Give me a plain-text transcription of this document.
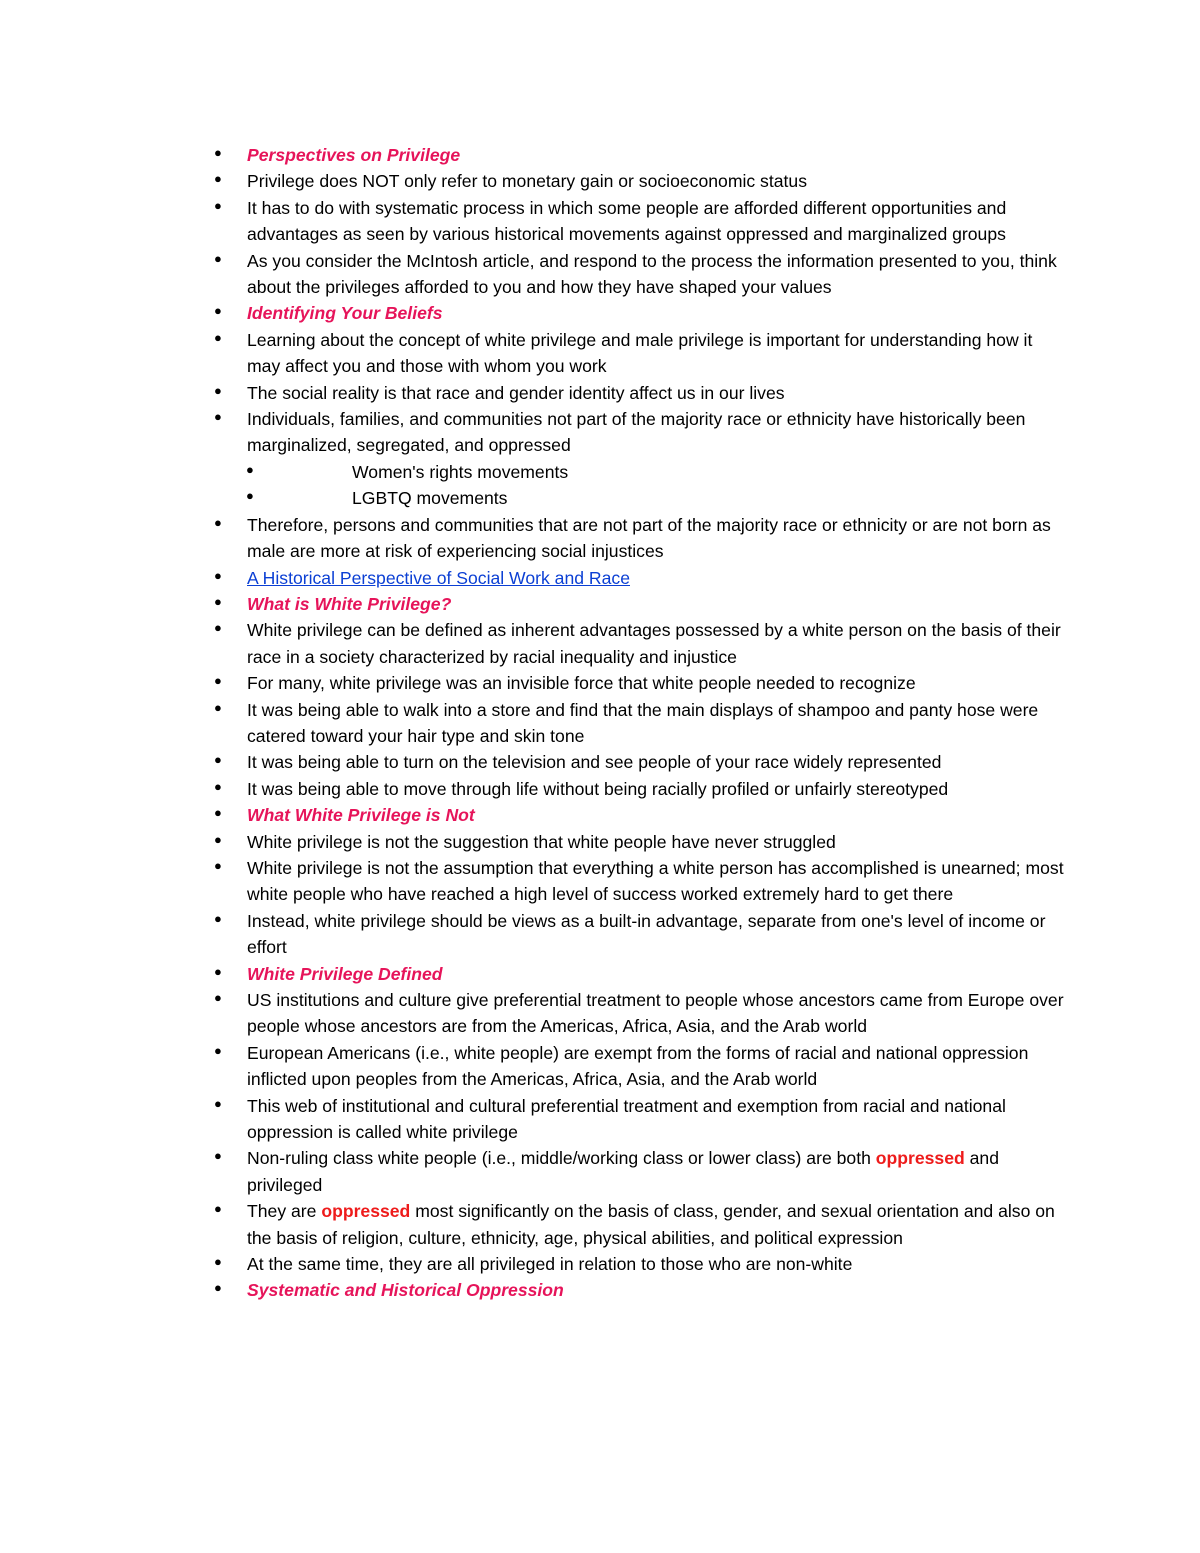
● Perspectives on Privilege
● Privilege does NOT only refer to monetary gain or socioeconomic status
● It has to do with systematic process in which some people are afforded different opportunities and advantages as seen by various historical movements against oppressed and marginalized groups
● As you consider the McIntosh article, and respond to the process the information presented to you, think about the privileges afforded to you and how they have shaped your values
● Identifying Your Beliefs
● Learning about the concept of white privilege and male privilege is important for understanding how it may affect you and those with whom you work
● The social reality is that race and gender identity affect us in our lives
● Individuals, families, and communities not part of the majority race or ethnicity have historically been marginalized, segregated, and oppressed
●	Women's rights movements
●	LGBTQ movements
● Therefore, persons and communities that are not part of the majority race or ethnicity or are not born as male are more at risk of experiencing social injustices
● A Historical Perspective of Social Work and Race
● What is White Privilege?
● White privilege can be defined as inherent advantages possessed by a white person on the basis of their race in a society characterized by racial inequality and injustice
● For many, white privilege was an invisible force that white people needed to recognize
● It was being able to walk into a store and find that the main displays of shampoo and panty hose were catered toward your hair type and skin tone
● It was being able to turn on the television and see people of your race widely represented
● It was being able to move through life without being racially profiled or unfairly stereotyped
● What White Privilege is Not
● White privilege is not the suggestion that white people have never struggled
● White privilege is not the assumption that everything a white person has accomplished is unearned; most white people who have reached a high level of success worked extremely hard to get there
● Instead, white privilege should be views as a built-in advantage, separate from one's level of income or effort
● White Privilege Defined
● US institutions and culture give preferential treatment to people whose ancestors came from Europe over people whose ancestors are from the Americas, Africa, Asia, and the Arab world
● European Americans (i.e., white people) are exempt from the forms of racial and national oppression inflicted upon peoples from the Americas, Africa, Asia, and the Arab world
● This web of institutional and cultural preferential treatment and exemption from racial and national oppression is called white privilege
● Non-ruling class white people (i.e., middle/working class or lower class) are both oppressed and privileged
● They are oppressed most significantly on the basis of class, gender, and sexual orientation and also on the basis of religion, culture, ethnicity, age, physical abilities, and political expression
● At the same time, they are all privileged in relation to those who are non-white
● Systematic and Historical Oppression
